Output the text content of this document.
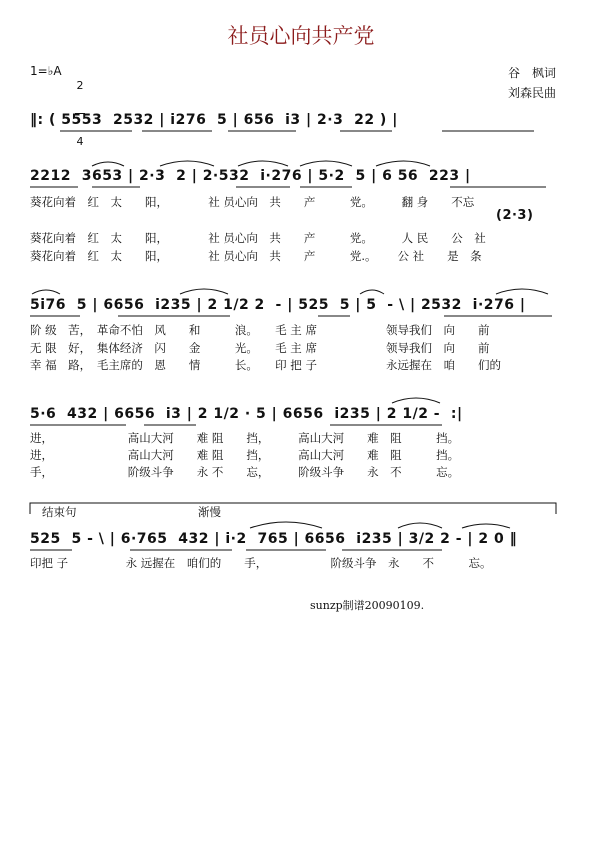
社员心向共产党
1=♭A

2

4

谷　枫词
刘森民曲
‖: ( 5553  2532 | i276  5 | 656  i3 | 2·3  22 ) |
2212  3653 | 2·3  2 | 2·532  i·276 | 5·2  5 | 6 56  223 |
葵花向着　红　太　　阳，　　　　社 员心向　共　　产　　　党。　　　翻 身　　不忘
(2·3)
葵花向着　红　太　　阳，　　　　社 员心向　共　　产　　　党。　　　人 民　　公　社
葵花向着　红　太　　阳，　　　　社 员心向　共　　产　　　党.。　　 公 社　　是　条
5i76  5 | 6656  i235 | 2 1/2 2  - | 525  5 | 5  - \ | 2532  i·276 |
阶 级　苦，　革命不怕　风　　和　　　浪。　　毛 主 席　　　　　　领导我们　向　　前
无 限　好，　集体经济　闪　　金　　　光。　　毛 主 席　　　　　　领导我们　向　　前
幸 福　路，　毛主席的　恩　　情　　　长。　　印 把 子　　　　　　永远握在　咱　　们的
5·6  432 | 6656  i3 | 2 1/2 · 5 | 6656  i235 | 2 1/2 -  :|
进，　　　　　　　高山大河　　难 阻　　挡，　　　高山大河　　难　阻　　　挡。
进，　　　　　　　高山大河　　难 阻　　挡，　　　高山大河　　难　阻　　　挡。
手，　　　　　　　阶级斗争　　永 不　　忘，　　　阶级斗争　　永　不　　　忘。
结束句	渐慢
525  5 - \ | 6·765  432 | i·2  765 | 6656  i235 | 3/2 2 - | 2 0 ‖
印把 子　　　　　永 远握在　咱们的　　手，　　　　　　阶级斗争　永　　不　　　忘。
sunzp制谱20090109.
